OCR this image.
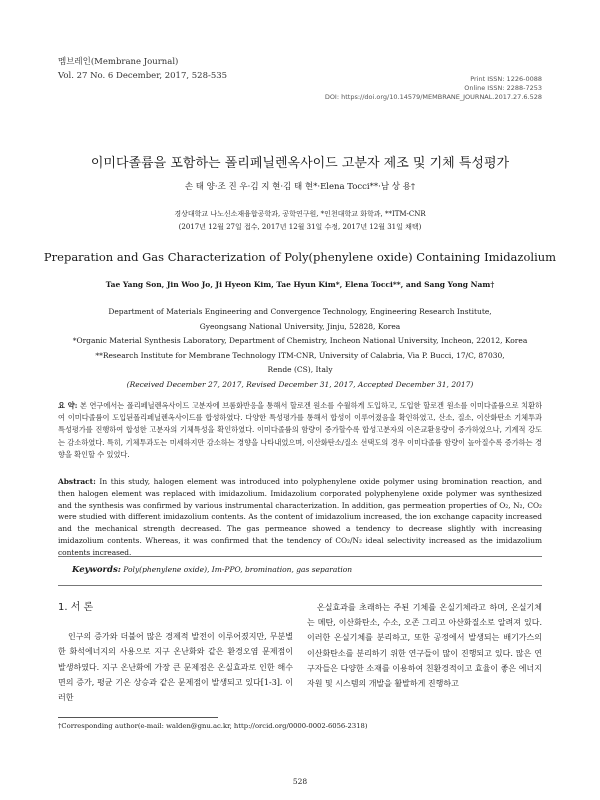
멤브레인(Membrane Journal)
Vol. 27 No. 6 December, 2017, 528-535	Print ISSN: 1226-0088
Online ISSN: 2288-7253
DOI: https://doi.org/10.14579/MEMBRANE_JOURNAL.2017.27.6.528
이미다졸륨을 포함하는 폴리페닐렌옥사이드 고분자 제조 및 기체 특성평가
손 태 양·조 진 우·김 지 현·김 태 현*·Elena Tocci**·남 상 용†
경상대학교 나노신소재융합공학과, 공학연구원, *인천대학교 화학과, **ITM-CNR
(2017년 12월 27일 접수, 2017년 12월 31일 수정, 2017년 12월 31일 채택)
Preparation and Gas Characterization of Poly(phenylene oxide) Containing Imidazolium
Tae Yang Son, Jin Woo Jo, Ji Hyeon Kim, Tae Hyun Kim*, Elena Tocci**, and Sang Yong Nam†
Department of Materials Engineering and Convergence Technology, Engineering Research Institute,
Gyeongsang National University, Jinju, 52828, Korea
*Organic Material Synthesis Laboratory, Department of Chemistry, Incheon National University, Incheon, 22012, Korea
**Research Institute for Membrane Technology ITM-CNR, University of Calabria, Via P. Bucci, 17/C, 87030,
Rende (CS), Italy
(Received December 27, 2017, Revised December 31, 2017, Accepted December 31, 2017)
요 약: 본 연구에서는 폴리페닐렌옥사이드 고분자에 브롬화반응을 통해서 할로겐 원소를 수월하게 도입하고, 도입한 할로겐 원소를 이미다졸륨으로 치환하여 이미다졸륨이 도입된폴리페닐렌옥사이드를 합성하였다. 다양한 특성평가를 통해서 합성이 이루어졌음을 확인하였고, 산소, 질소, 이산화탄소 기체투과 특성평가를 진행하여 합성한 고분자의 기체특성을 확인하였다. 이미다졸륨의 함량이 증가할수록 합성고분자의 이온교환용량이 증가하였으나, 기계적 강도는 감소하였다. 특히, 기체투과도는 미세하지만 감소하는 경향을 나타내었으며, 이산화탄소/질소 선택도의 경우 이미다졸륨 함량이 높아질수록 증가하는 경향을 확인할 수 있었다.
Abstract: In this study, halogen element was introduced into polyphenylene oxide polymer using bromination reaction, and then halogen element was replaced with imidazolium. Imidazolium corporated polyphenylene oxide polymer was synthesized and the synthesis was confirmed by various instrumental characterization. In addition, gas permeation properties of O₂, N₂, CO₂ were studied with different imidazolium contents. As the content of imidazolium increased, the ion exchange capacity increased and the mechanical strength decreased. The gas permeance showed a tendency to decrease slightly with increasing imidazolium contents. Whereas, it was confirmed that the tendency of CO₂/N₂ ideal selectivity increased as the imidazolium contents increased.
Keywords: Poly(phenylene oxide), Im-PPO, bromination, gas separation
1. 서 론

인구의 증가와 더불어 많은 경제적 발전이 이루어졌지만, 무분별한 화석에너지의 사용으로 지구 온난화와 같은 환경오염 문제점이 발생하였다. 지구 온난화에 가장 큰 문제점은 온실효과로 인한 해수면의 증가, 평균 기온 상승과 같은 문제점이 발생되고 있다[1-3]. 이러한

온실효과를 초래하는 주된 기체를 온실기체라고 하며, 온실기체는 메탄, 이산화탄소, 수소, 오존 그리고 아산화질소로 알려져 있다. 이러한 온실기체를 분리하고, 또한 공정에서 발생되는 배기가스의 이산화탄소를 분리하기 위한 연구들이 많이 진행되고 있다. 많은 연구자들은 다양한 소재를 이용하여 친환경적이고 효율이 좋은 에너지 자원 및 시스템의 개발을 활발하게 진행하고

†Corresponding author(e-mail: walden@gnu.ac.kr, http://orcid.org/0000-0002-6056-2318)
528
